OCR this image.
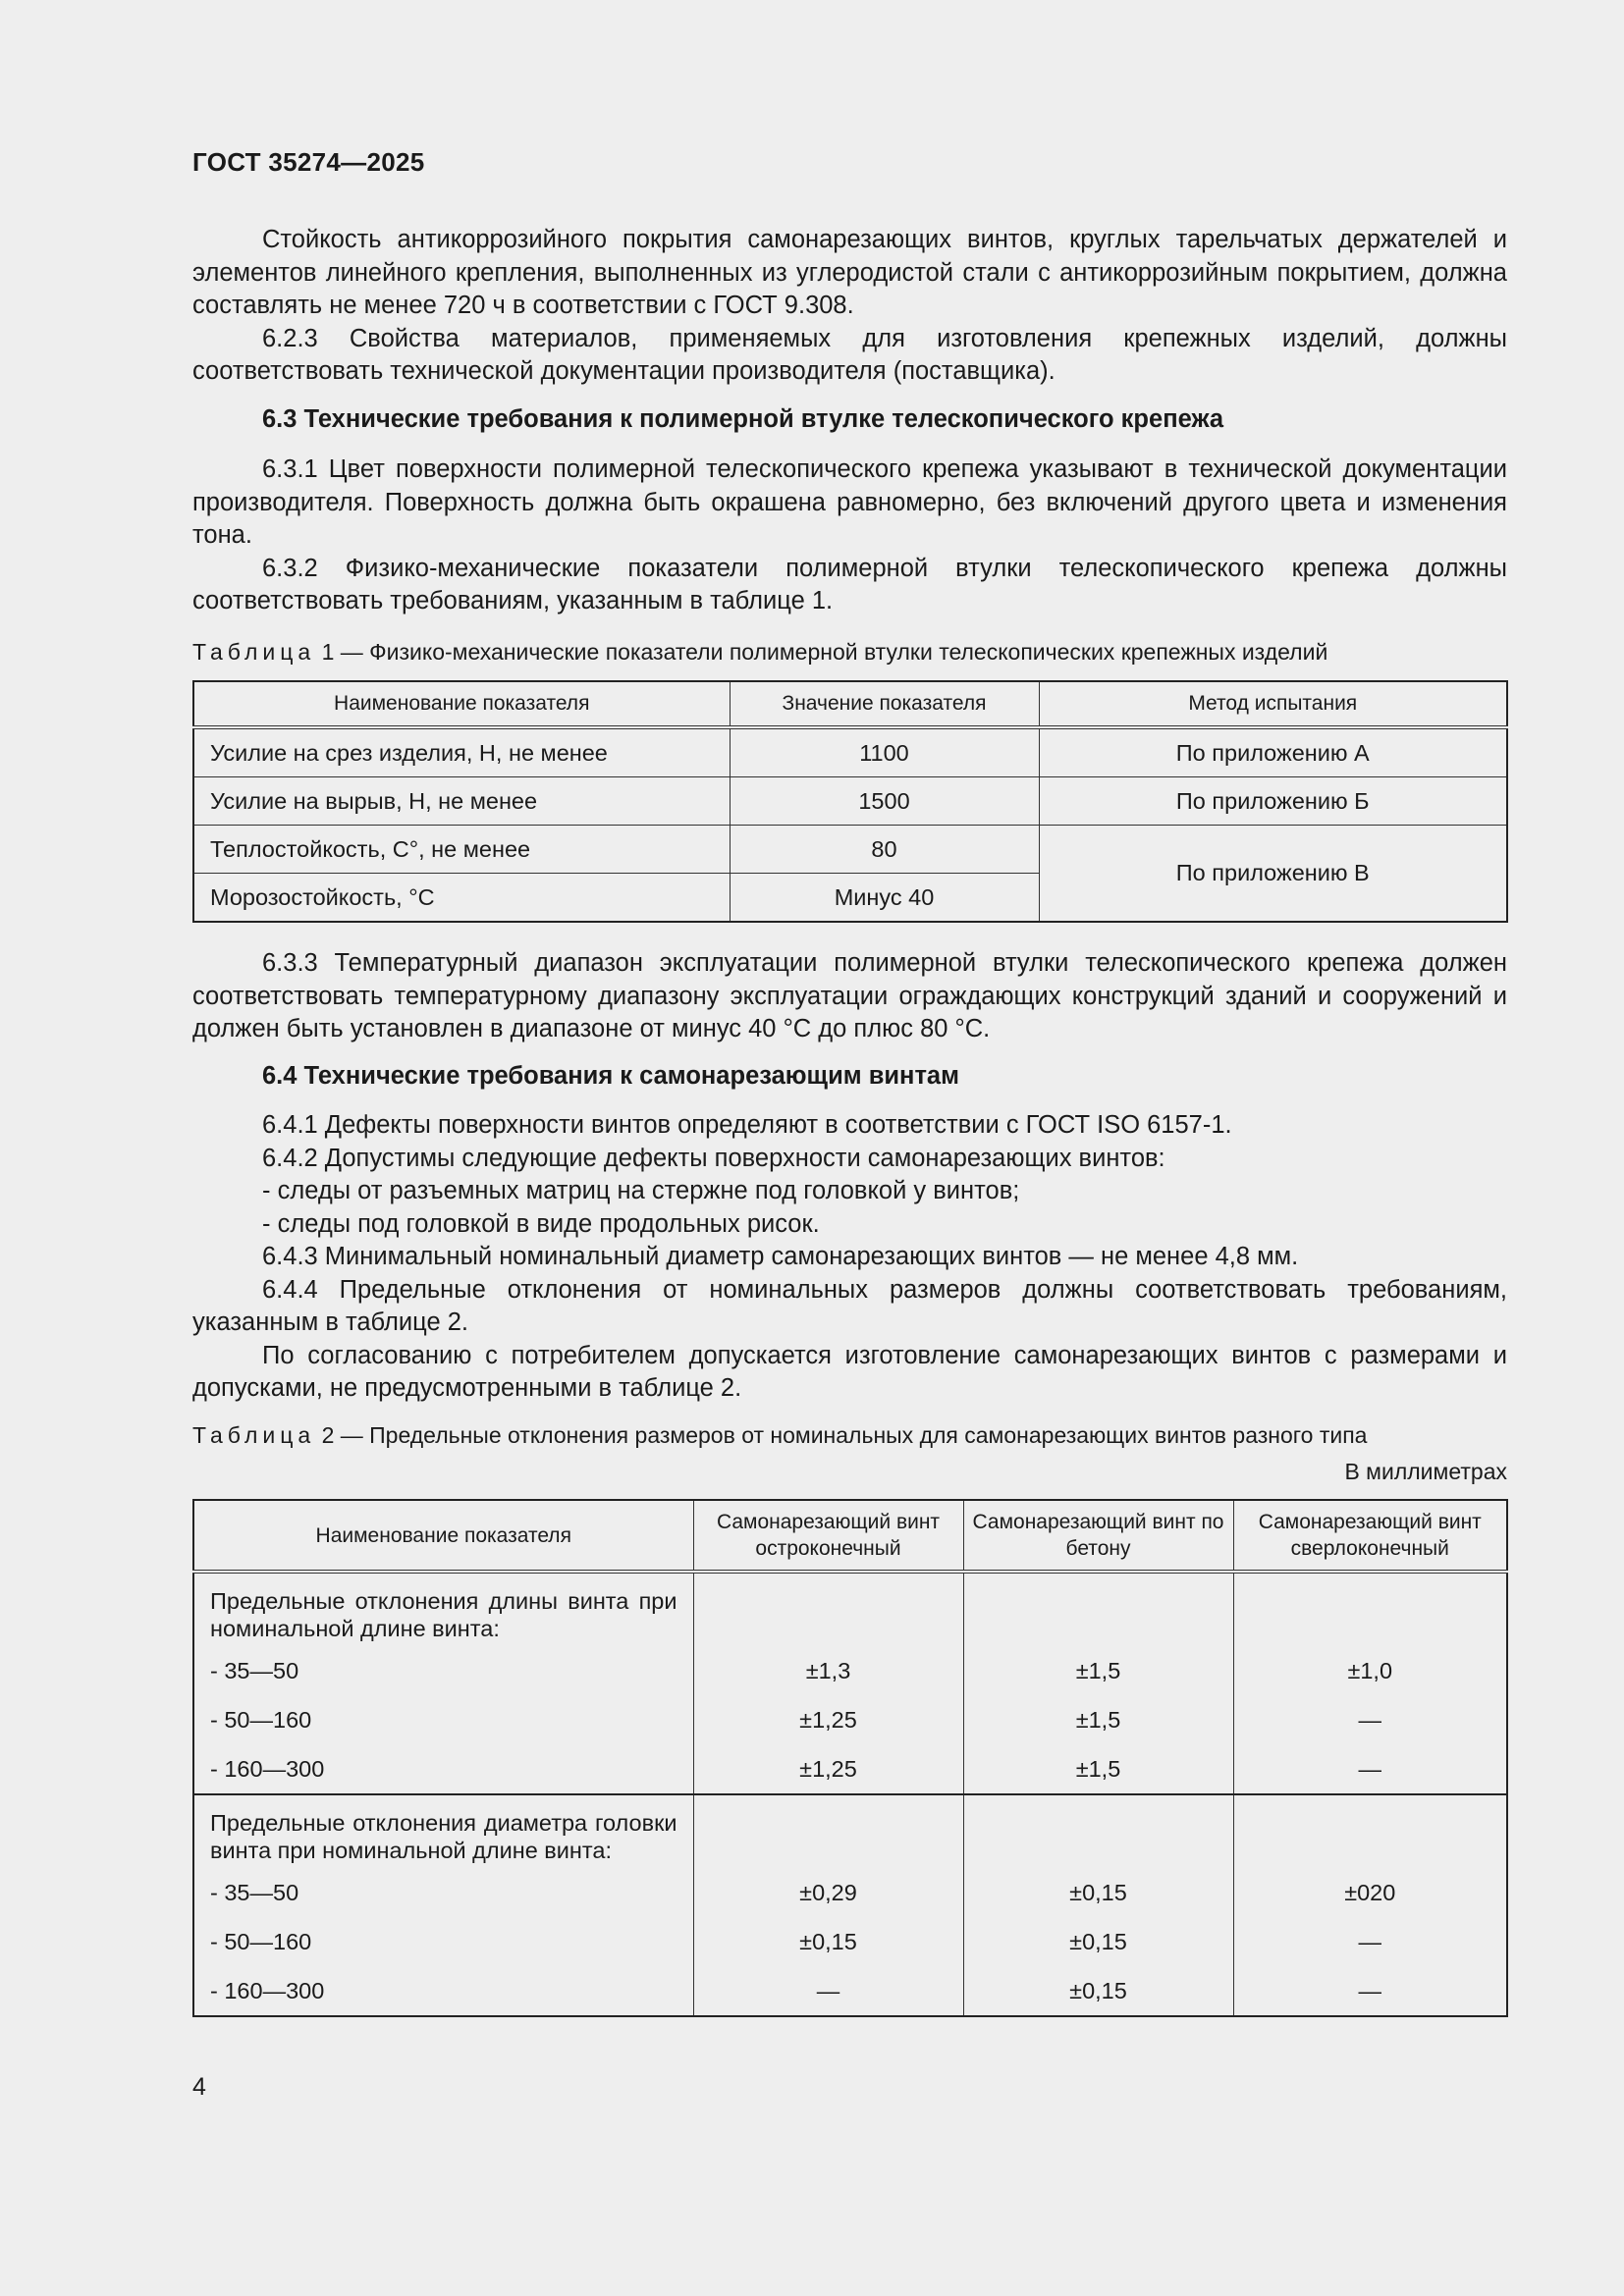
ГОСТ 35274—2025

Стойкость антикоррозийного покрытия самонарезающих винтов, круглых тарельчатых держателей и элементов линейного крепления, выполненных из углеродистой стали с антикоррозийным покрытием, должна составлять не менее 720 ч в соответствии с ГОСТ 9.308.

6.2.3 Свойства материалов, применяемых для изготовления крепежных изделий, должны соответствовать технической документации производителя (поставщика).

6.3 Технические требования к полимерной втулке телескопического крепежа

6.3.1 Цвет поверхности полимерной телескопического крепежа указывают в технической документации производителя. Поверхность должна быть окрашена равномерно, без включений другого цвета и изменения тона.

6.3.2 Физико-механические показатели полимерной втулки телескопического крепежа должны соответствовать требованиям, указанным в таблице 1.

Таблица 1 — Физико-механические показатели полимерной втулки телескопических крепежных изделий
Наименование показателя	Значение показателя	Метод испытания
Усилие на срез изделия, Н, не менее	1100	По приложению А
Усилие на вырыв, Н, не менее	1500	По приложению Б
Теплостойкость, С°, не менее	80	По приложению В
Морозостойкость, °С	Минус 40	

6.3.3 Температурный диапазон эксплуатации полимерной втулки телескопического крепежа должен соответствовать температурному диапазону эксплуатации ограждающих конструкций зданий и сооружений и должен быть установлен в диапазоне от минус 40 °С до плюс 80 °С.

6.4 Технические требования к самонарезающим винтам

6.4.1 Дефекты поверхности винтов определяют в соответствии с ГОСТ ISO 6157-1.

6.4.2 Допустимы следующие дефекты поверхности самонарезающих винтов:

- следы от разъемных матриц на стержне под головкой у винтов;

- следы под головкой в виде продольных рисок.

6.4.3 Минимальный номинальный диаметр самонарезающих винтов — не менее 4,8 мм.

6.4.4 Предельные отклонения от номинальных размеров должны соответствовать требованиям, указанным в таблице 2.

По согласованию с потребителем допускается изготовление самонарезающих винтов с размерами и допусками, не предусмотренными в таблице 2.

Таблица 2 — Предельные отклонения размеров от номинальных для самонарезающих винтов разного типа
В миллиметрах
Наименование показателя	Самонарезающий винт остроконечный	Самонарезающий винт по бетону	Самонарезающий винт сверлоконечный
Предельные отклонения длины винта при номинальной длине винта:			
- 35—50	±1,3	±1,5	±1,0
- 50—160	±1,25	±1,5	—
- 160—300	±1,25	±1,5	—
Предельные отклонения диаметра головки винта при номинальной длине винта:			
- 35—50	±0,29	±0,15	±020
- 50—160	±0,15	±0,15	—
- 160—300	—	±0,15	—
4
